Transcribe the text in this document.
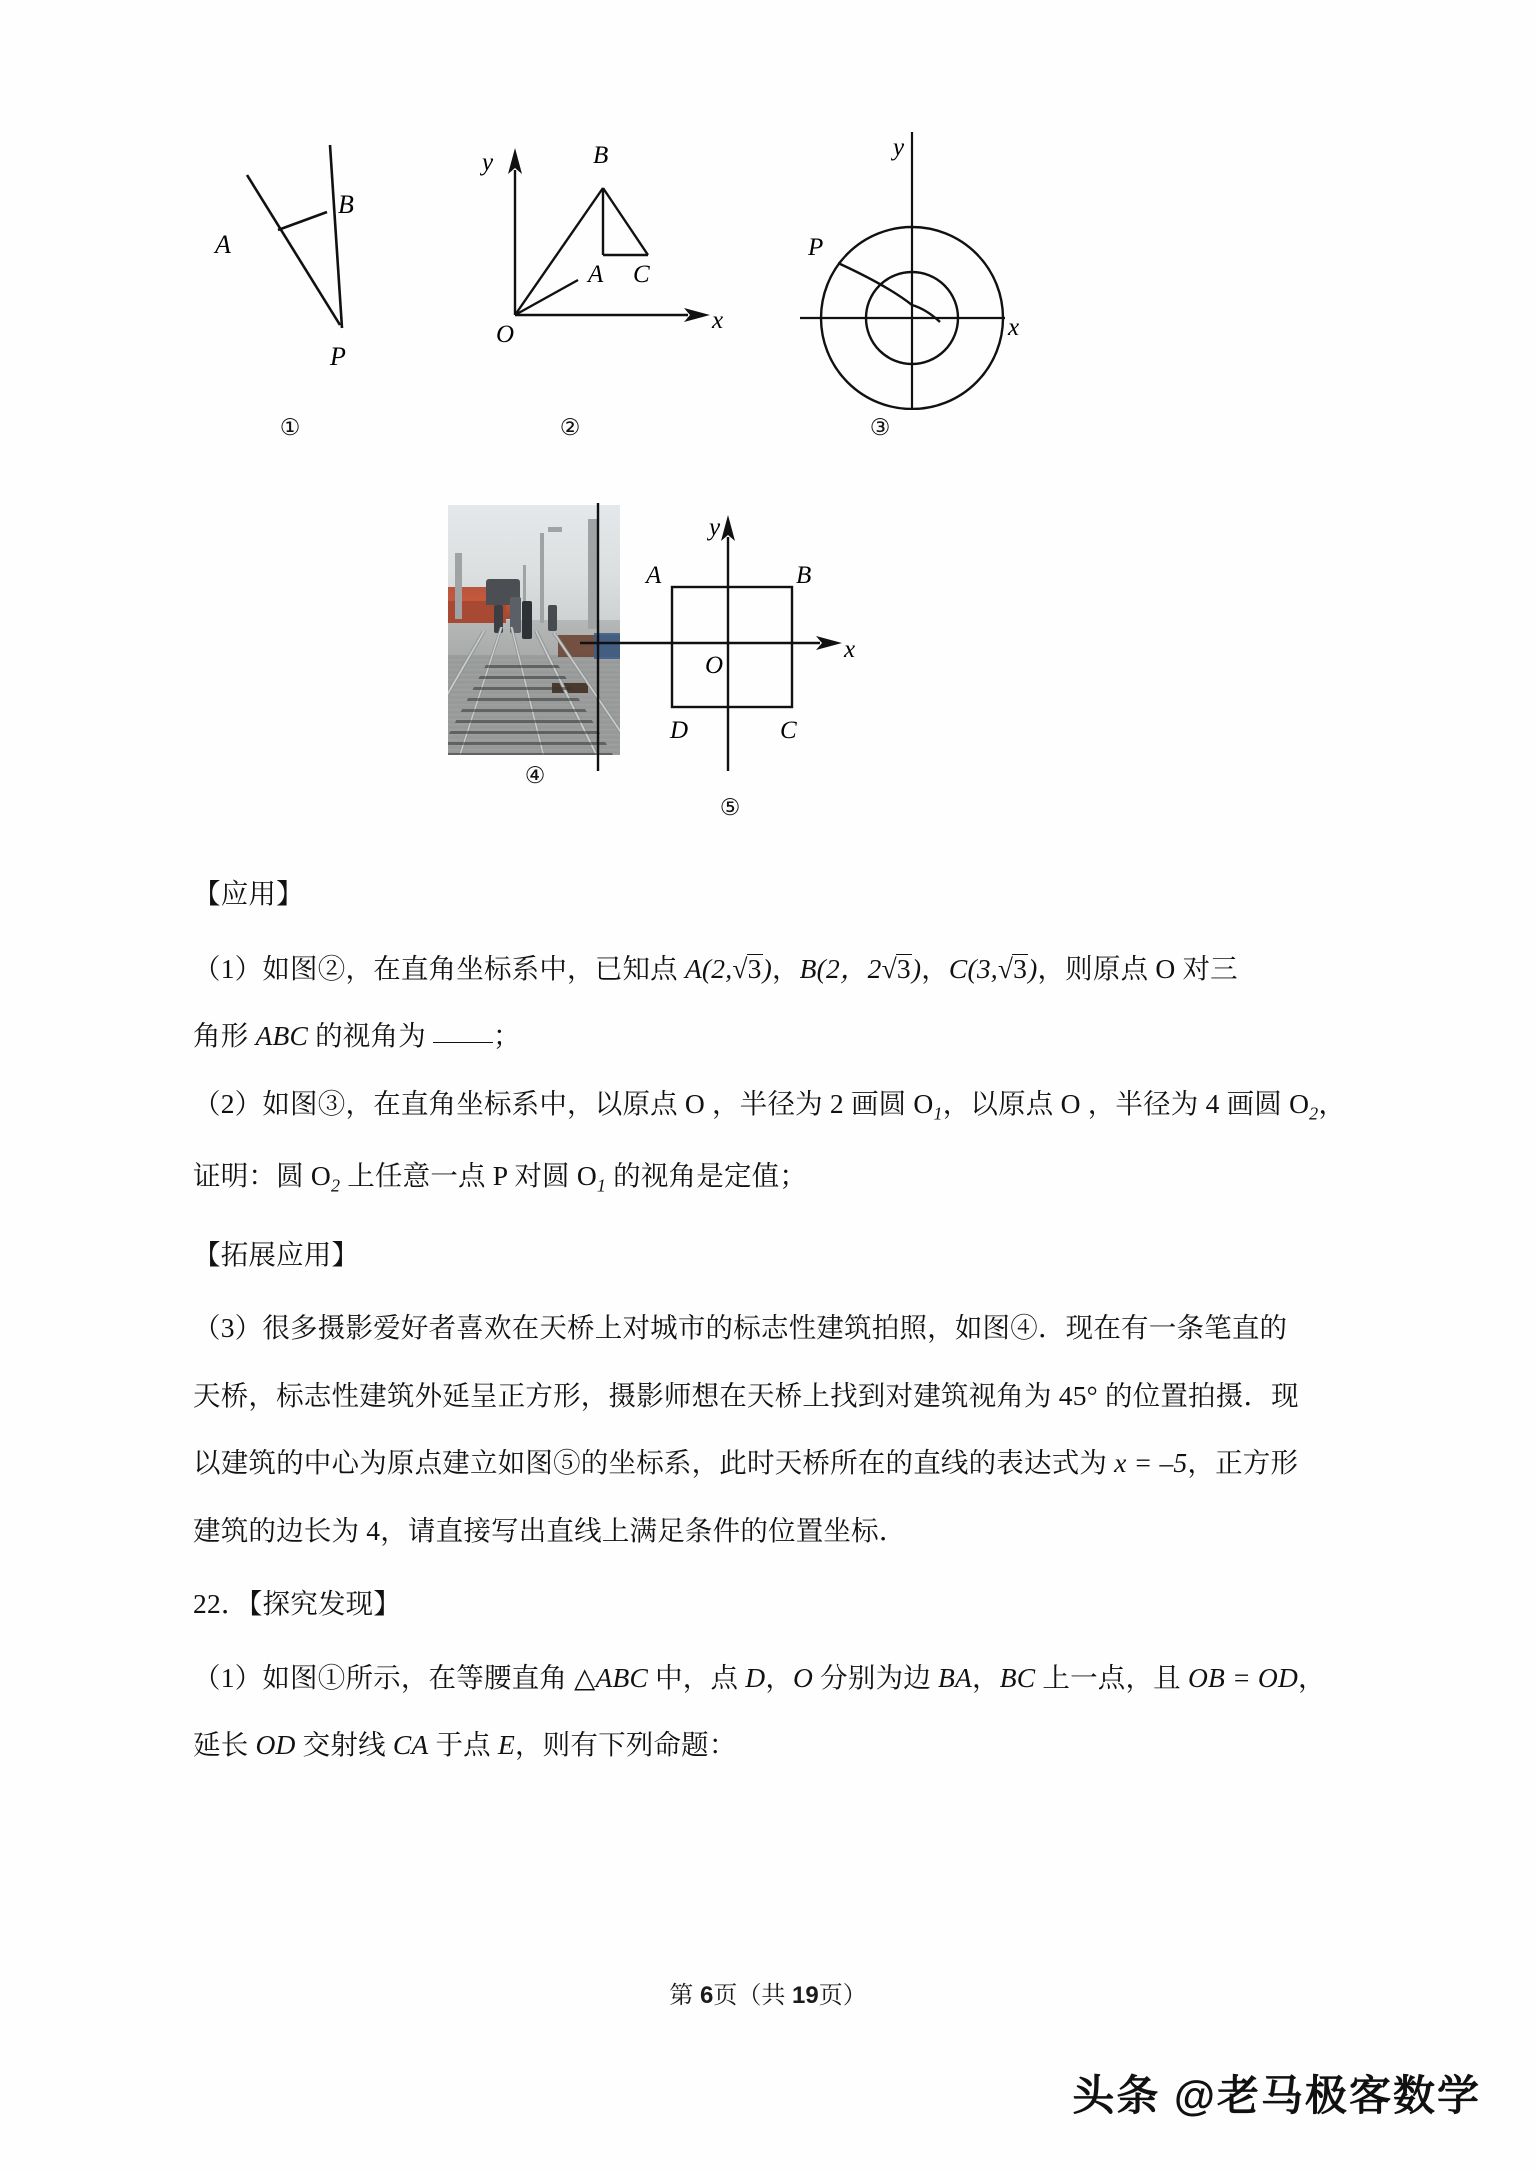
A
B
P
①
y
x
O
B
A C
②
P
y
x
③
④
A	B
D	C
O
y
x
⑤

【应用】

（1）如图②，在直角坐标系中，已知点 A(2,√3)，B(2，2√3)，C(3,√3)，则原点 O 对三

角形 ABC 的视角为 ；

（2）如图③，在直角坐标系中，以原点 O ，半径为 2 画圆 $O_1$，以原点 O ，半径为 4 画圆 $O_2$，

证明：圆 $O_2$ 上任意一点 P 对圆 $O_1$ 的视角是定值；

【拓展应用】

（3）很多摄影爱好者喜欢在天桥上对城市的标志性建筑拍照，如图④．现在有一条笔直的

天桥，标志性建筑外延呈正方形，摄影师想在天桥上找到对建筑视角为 45° 的位置拍摄．现

以建筑的中心为原点建立如图⑤的坐标系，此时天桥所在的直线的表达式为 x = –5，正方形

建筑的边长为 4，请直接写出直线上满足条件的位置坐标．

22．【探究发现】

（1）如图①所示，在等腰直角 △ABC 中，点 D，O 分别为边 BA，BC 上一点，且 OB = OD，

延长 OD 交射线 CA 于点 E，则有下列命题：

第 6页（共 19页）
头条 @老马极客数学
